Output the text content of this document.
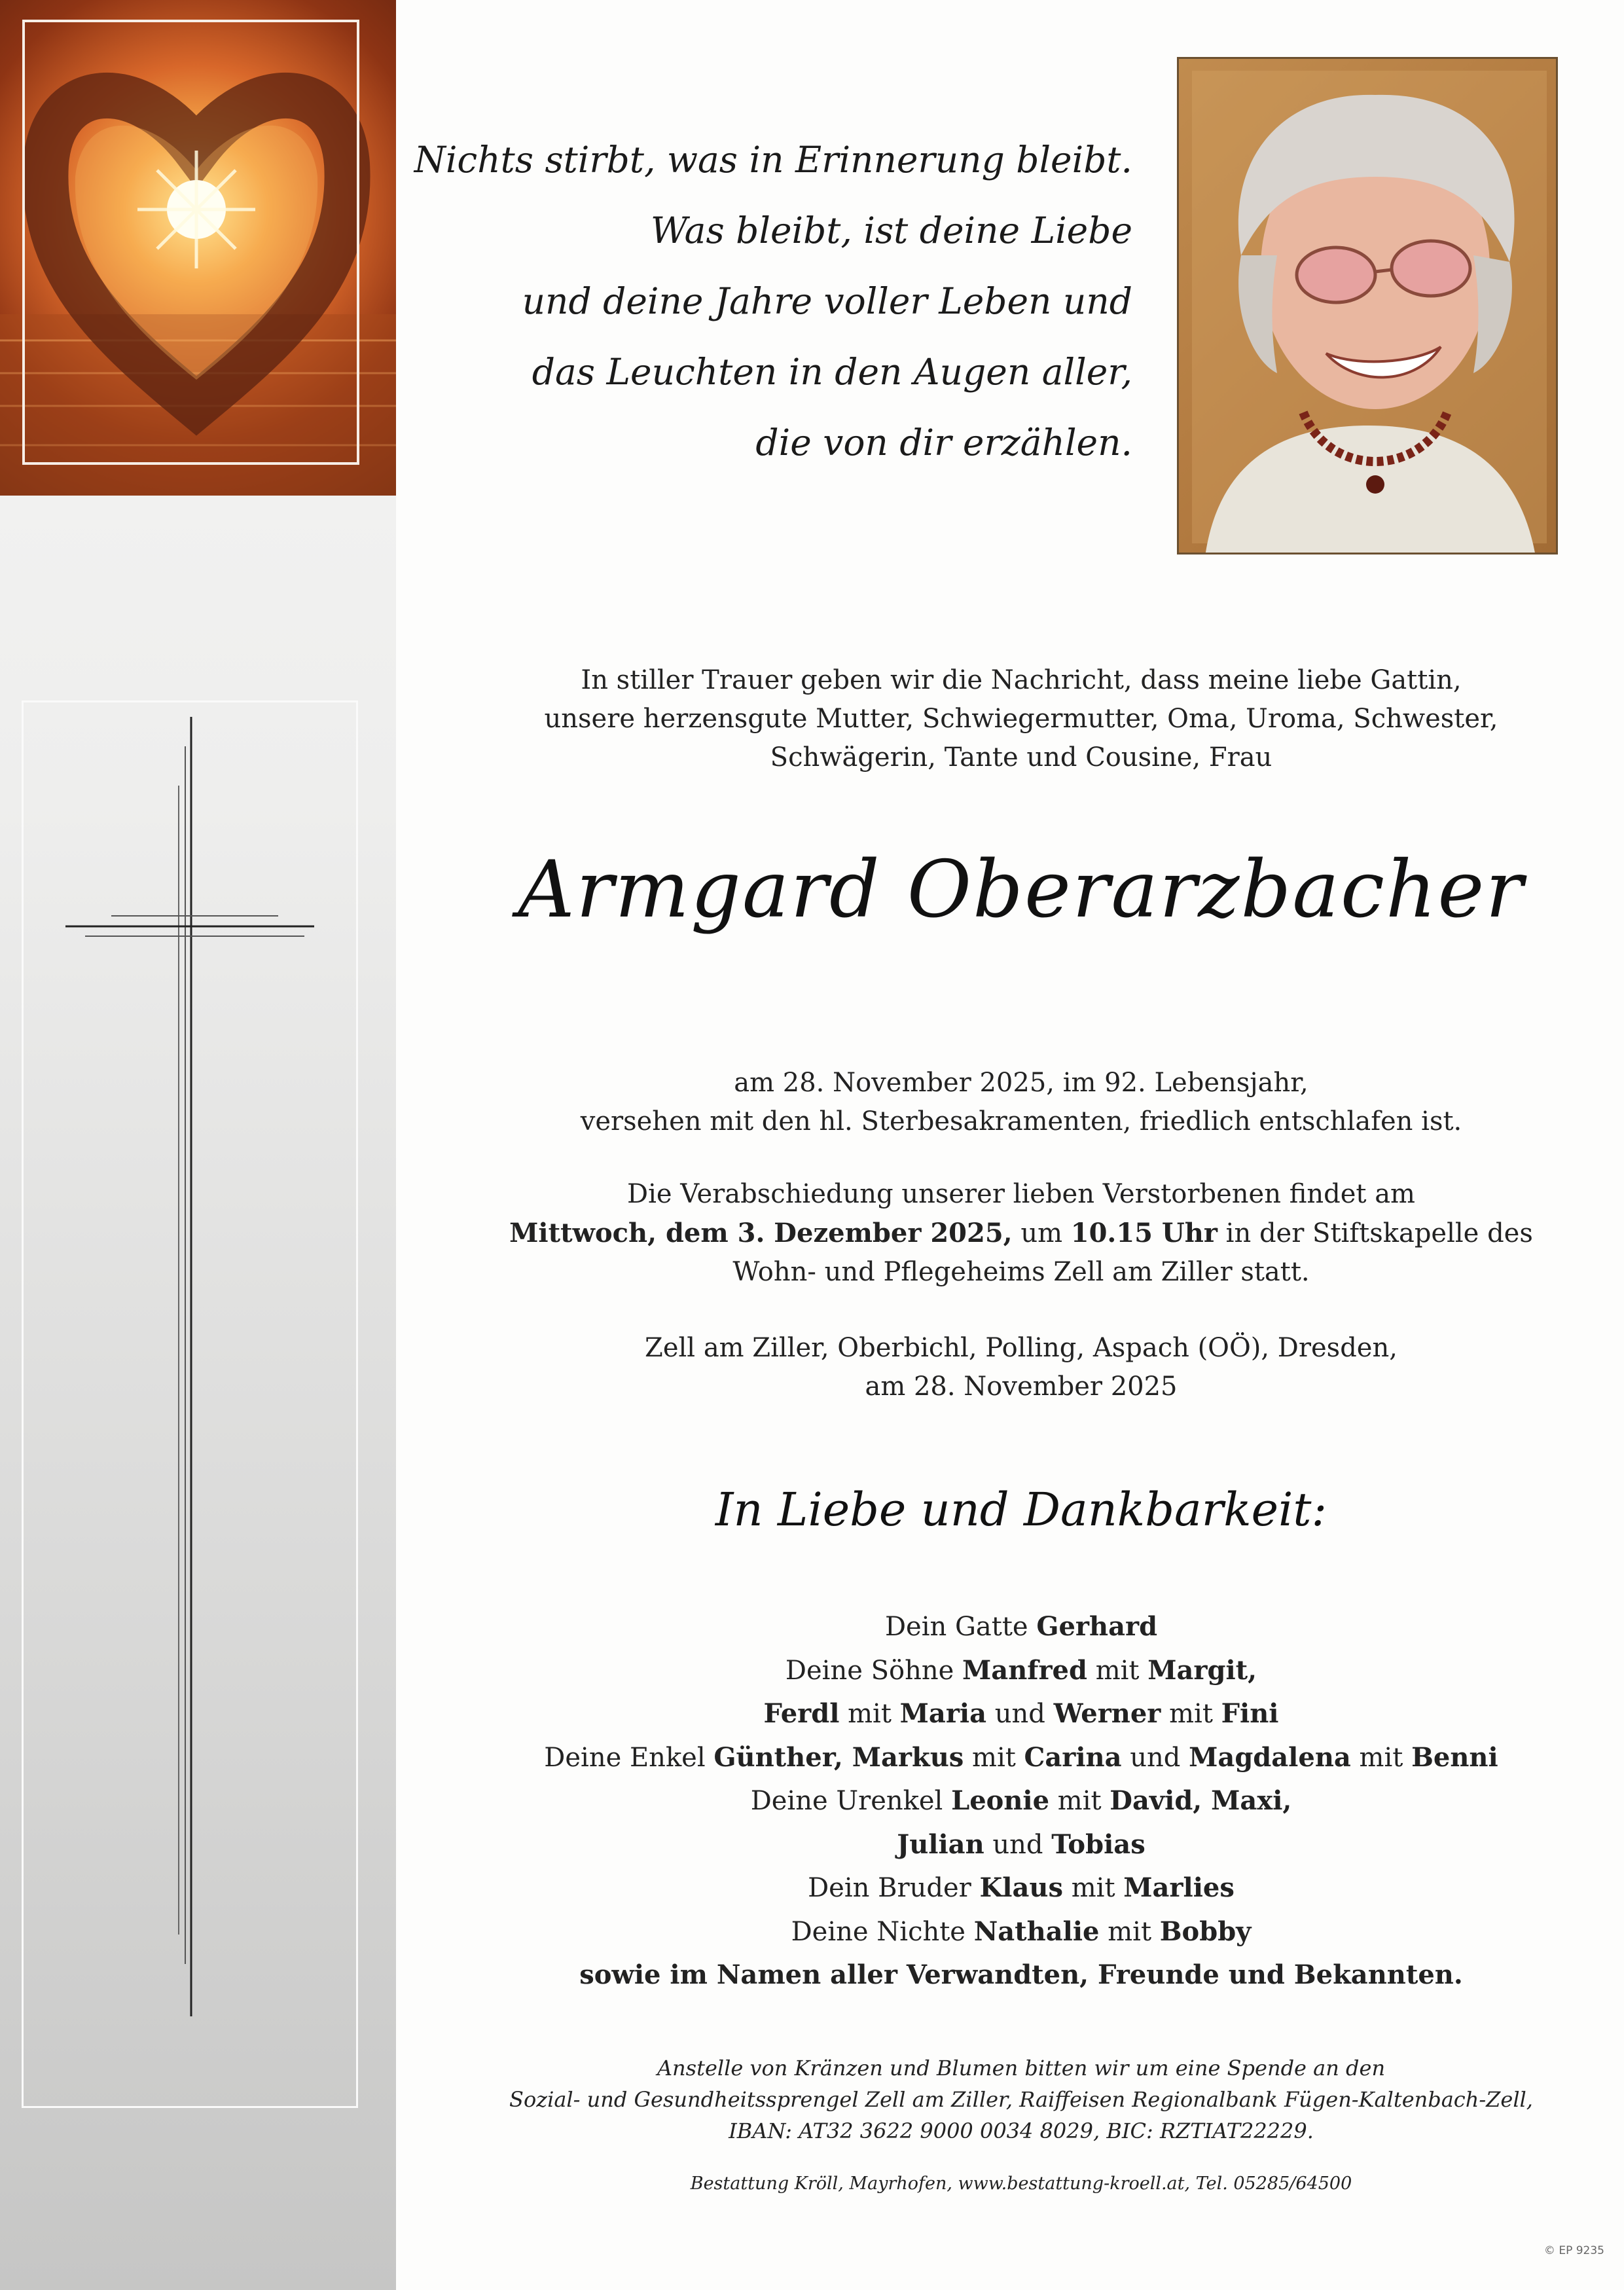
Nichts stirbt, was in Erinnerung bleibt.
Was bleibt, ist deine Liebe
und deine Jahre voller Leben und
das Leuchten in den Augen aller,
die von dir erzählen.
In stiller Trauer geben wir die Nachricht, dass meine liebe Gattin,
unsere herzensgute Mutter, Schwiegermutter, Oma, Uroma, Schwester,
Schwägerin, Tante und Cousine, Frau
Armgard Oberarzbacher
am 28. November 2025, im 92. Lebensjahr,
versehen mit den hl. Sterbesakramenten, friedlich entschlafen ist.
Die Verabschiedung unserer lieben Verstorbenen findet am
Mittwoch, dem 3. Dezember 2025, um 10.15 Uhr in der Stiftskapelle des
Wohn- und Pflegeheims Zell am Ziller statt.
Zell am Ziller, Oberbichl, Polling, Aspach (OÖ), Dresden,
am 28. November 2025
In Liebe und Dankbarkeit:
Dein Gatte Gerhard
Deine Söhne Manfred mit Margit,
Ferdl mit Maria und Werner mit Fini
Deine Enkel Günther, Markus mit Carina und Magdalena mit Benni
Deine Urenkel Leonie mit David, Maxi,
Julian und Tobias
Dein Bruder Klaus mit Marlies
Deine Nichte Nathalie mit Bobby
sowie im Namen aller Verwandten, Freunde und Bekannten.
Anstelle von Kränzen und Blumen bitten wir um eine Spende an den
Sozial- und Gesundheitssprengel Zell am Ziller, Raiffeisen Regionalbank Fügen-Kaltenbach-Zell,
IBAN: AT32 3622 9000 0034 8029, BIC: RZTIAT22229.
Bestattung Kröll, Mayrhofen, www.bestattung-kroell.at, Tel. 05285/64500
© EP 9235
